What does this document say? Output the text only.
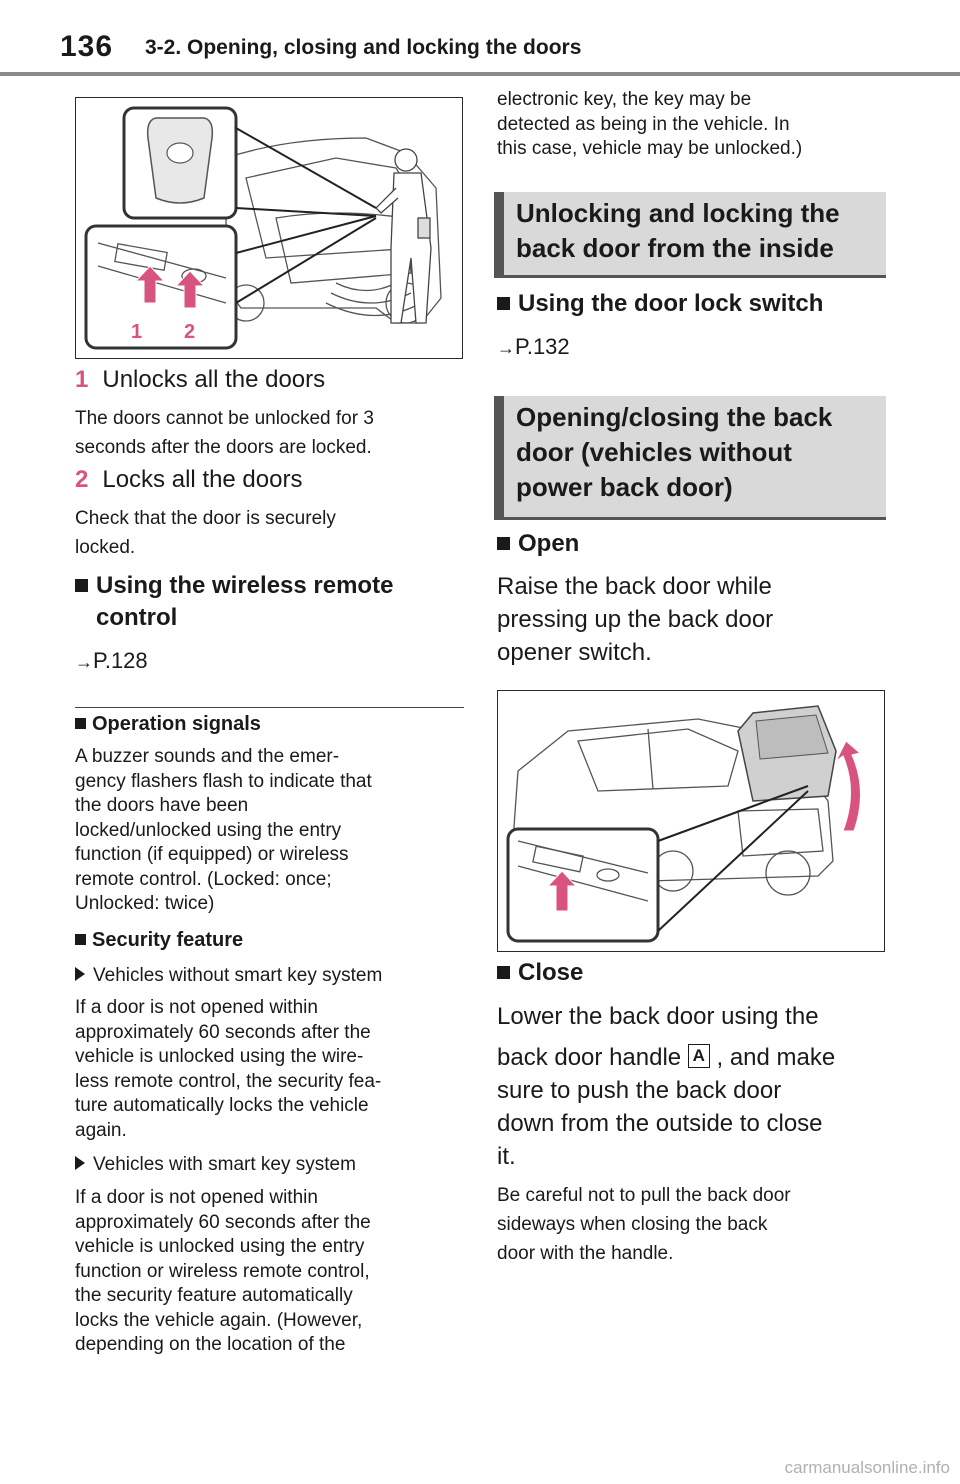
136 3-2. Opening, closing and locking the doors
1 2
1 Unlocks all the doors
The doors cannot be unlocked for 3
seconds after the doors are locked.
2 Locks all the doors
Check that the door is securely
locked.
Using the wireless remote
control
→P.128
Operation signals
A buzzer sounds and the emer-
gency flashers flash to indicate that
the doors have been
locked/unlocked using the entry
function (if equipped) or wireless
remote control. (Locked: once;
Unlocked: twice)
Security feature
Vehicles without smart key system
If a door is not opened within
approximately 60 seconds after the
vehicle is unlocked using the wire-
less remote control, the security fea-
ture automatically locks the vehicle
again.
Vehicles with smart key system
If a door is not opened within
approximately 60 seconds after the
vehicle is unlocked using the entry
function or wireless remote control,
the security feature automatically
locks the vehicle again. (However,
depending on the location of the
electronic key, the key may be
detected as being in the vehicle. In
this case, vehicle may be unlocked.)
Unlocking and locking the
back door from the inside
Using the door lock switch
→P.132
Opening/closing the back
door (vehicles without
power back door)
Open
Raise the back door while
pressing up the back door
opener switch.
Close
Lower the back door using the
back door handle A , and make
sure to push the back door
down from the outside to close
it.
Be careful not to pull the back door
sideways when closing the back
door with the handle.
carmanualsonline.info
